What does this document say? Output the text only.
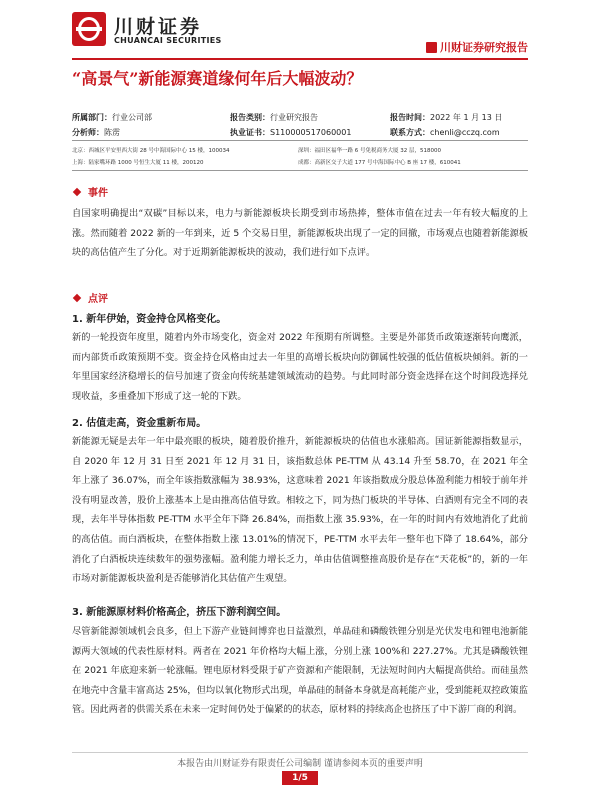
川财证券
CHUANCAI SECURITIES
川财证券研究报告
“高景气”新能源赛道缘何年后大幅波动？
所属部门：行业公司部	报告类别：行业研究报告	报告时间：2022 年 1 月 13 日
分析师：陈雳	执业证书：S1100005170600​01	联系方式：chenli@cczq.com
北京：西城区平安里西大街 28 号中海国际中心 15 楼，100034	深圳：福田区福华一路 6 号免税商务大厦 32 层，518000
上海：陆家嘴环路 1000 号恒生大厦 11 楼，200120	成都：高新区交子大道 177 号中海国际中心 B 座 17 楼，610041
事件
自国家明确提出“双碳”目标以来，电力与新能源板块长期受到市场热捧，整体市值在过去一年有较大幅度的上涨。然而随着 2022 新的一年到来，近 5 个交易日里，新能源板块出现了一定的回撤，市场观点也随着新能源板块的高估值产生了分化。对于近期新能源板块的波动，我们进行如下点评。
点评
1. 新年伊始，资金持仓风格变化。
新的一轮投资年度里，随着内外市场变化，资金对 2022 年预期有所调整。主要是外部货币政策逐渐转向鹰派，而内部货币政策预期不变。资金持仓风格由过去一年里的高增长板块向防御属性较强的低估值板块倾斜。新的一年里国家经济稳增长的信号加速了资金向传统基建领域流动的趋势。与此同时部分资金选择在这个时间段选择兑现收益，多重叠加下形成了这一轮的下跌。
2. 估值走高，资金重新布局。
新能源无疑是去年一年中最亮眼的板块，随着股价推升，新能源板块的估值也水涨船高。国证新能源指数显示，自 2020 年 12 月 31 日至 2021 年 12 月 31 日，该指数总体 PE-TTM 从 43.14 升至 58.70，在 2021 年全年上涨了 36.07%，而全年该指数涨幅为 38.93%，这意味着 2021 年该指数成分股总体盈利能力相较于前年并没有明显改善，股价上涨基本上是由推高估值导致。相较之下，同为热门板块的半导体、白酒则有完全不同的表现，去年半导体指数 PE-TTM 水平全年下降 26.84%，而指数上涨 35.93%，在一年的时间内有效地消化了此前的高估值。而白酒板块，在整体指数上涨 13.01%的情况下，PE-TTM 水平去年一整年也下降了 18.64%，部分消化了白酒板块连续数年的强势涨幅。盈利能力增长乏力，单由估值调整推高股价是存在“天花板”的，新的一年市场对新能源板块盈利是否能够消化其估值产生观望。
3. 新能源原材料价格高企，挤压下游利润空间。
尽管新能源领域机会良多，但上下游产业链间博弈也日益激烈，单晶硅和磷酸铁锂分别是光伏发电和锂电池新能源两大领域的代表性原材料。两者在 2021 年价格均大幅上涨，分别上涨 100%和 227.27%。尤其是磷酸铁锂在 2021 年底迎来新一轮涨幅。锂电原材料受限于矿产资源和产能限制，无法短时间内大幅提高供给。而硅虽然在地壳中含量丰富高达 25%，但均以氧化物形式出现，单晶硅的制备本身就是高耗能产业，受到能耗双控政策监管。因此两者的供需关系在未来一定时间仍处于偏紧的的状态，原材料的持续高企也挤压了中下游厂商的利润。
本报告由川财证券有限责任公司编制 谨请参阅本页的重要声明
1/5
